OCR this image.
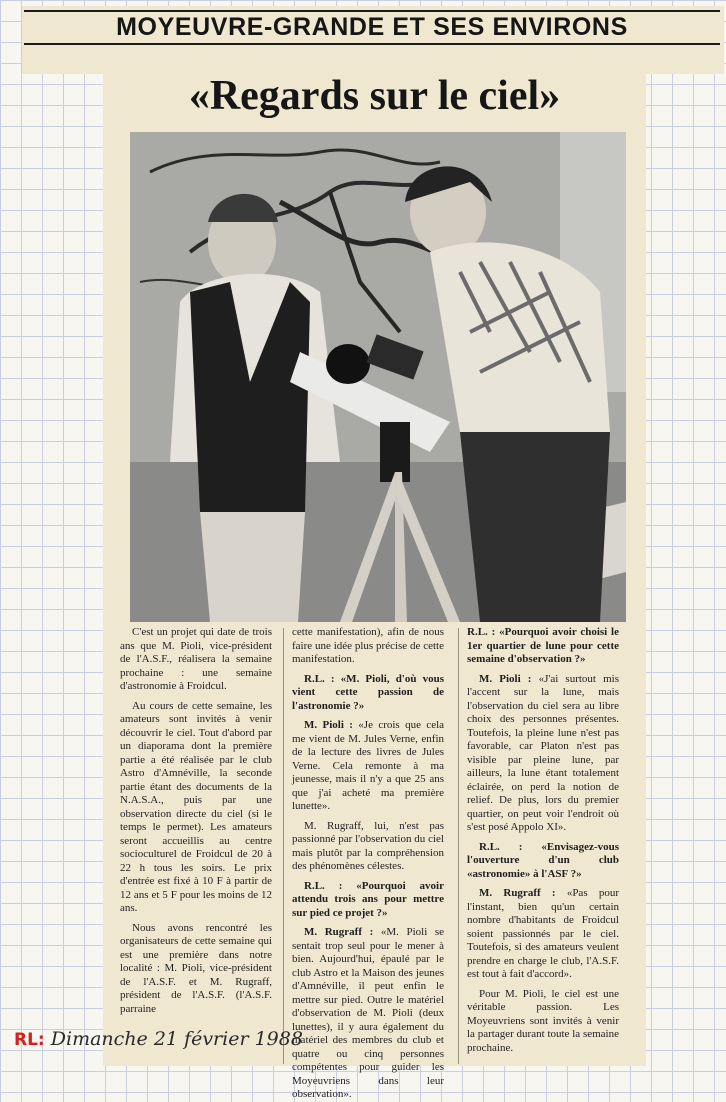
MOYEUVRE-GRANDE ET SES ENVIRONS
«Regards sur le ciel»

C'est un projet qui date de trois ans que M. Pioli, vice-président de l'A.S.F., réalisera la semaine prochaine : une semaine d'astronomie à Froidcul.

Au cours de cette semaine, les amateurs sont invités à venir découvrir le ciel. Tout d'abord par un diaporama dont la première partie a été réalisée par le club Astro d'Amnéville, la seconde partie étant des documents de la N.A.S.A., puis par une observation directe du ciel (si le temps le permet). Les amateurs seront accueillis au centre socioculturel de Froidcul de 20 à 22 h tous les soirs. Le prix d'entrée est fixé à 10 F à partir de 12 ans et 5 F pour les moins de 12 ans.

Nous avons rencontré les organisateurs de cette semaine qui est une première dans notre localité : M. Pioli, vice-président de l'A.S.F. et M. Rugraff, président de l'A.S.F. (l'A.S.F. parraine

cette manifestation), afin de nous faire une idée plus précise de cette manifestation.

R.L. : «M. Pioli, d'où vous vient cette passion de l'astronomie ?»

M. Pioli : «Je crois que cela me vient de M. Jules Verne, enfin de la lecture des livres de Jules Verne. Cela remonte à ma jeunesse, mais il n'y a que 25 ans que j'ai acheté ma première lunette».

M. Rugraff, lui, n'est pas passionné par l'observation du ciel mais plutôt par la compréhension des phénomènes célestes.

R.L. : «Pourquoi avoir attendu trois ans pour mettre sur pied ce projet ?»

M. Rugraff : «M. Pioli se sentait trop seul pour le mener à bien. Aujourd'hui, épaulé par le club Astro et la Maison des jeunes d'Amnéville, il peut enfin le mettre sur pied. Outre le matériel d'observation de M. Pioli (deux lunettes), il y aura également du matériel des membres du club et quatre ou cinq personnes compétentes pour guider les Moyeuvriens dans leur observation».

R.L. : «Pourquoi avoir choisi le 1er quartier de lune pour cette semaine d'observation ?»

M. Pioli : «J'ai surtout mis l'accent sur la lune, mais l'observation du ciel sera au libre choix des personnes présentes. Toutefois, la pleine lune n'est pas favorable, car Platon n'est pas visible par pleine lune, par ailleurs, la lune étant totalement éclairée, on perd la notion de relief. De plus, lors du premier quartier, on peut voir l'endroit où s'est posé Appolo XI».

R.L. : «Envisagez-vous l'ouverture d'un club «astronomie» à l'ASF ?»

M. Rugraff : «Pas pour l'instant, bien qu'un certain nombre d'habitants de Froidcul soient passionnés par le ciel. Toutefois, si des amateurs veulent prendre en charge le club, l'A.S.F. est tout à fait d'accord».

Pour M. Pioli, le ciel est une véritable passion. Les Moyeuvriens sont invités à venir la partager durant toute la semaine prochaine.

RL: Dimanche 21 février 1988
